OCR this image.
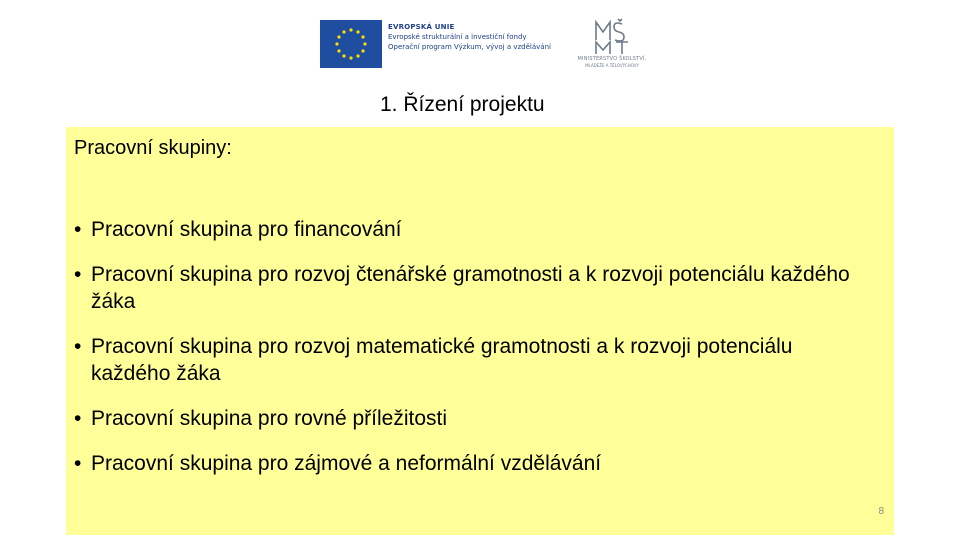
EVROPSKÁ UNIE
Evropské strukturální a investiční fondy
Operační program Výzkum, vývoj a vzdělávání
MINISTERSTVO ŠKOLSTVÍ,
MLÁDEŽE A TĚLOVÝCHOVY
1. Řízení projektu
Pracovní skupiny:
• Pracovní skupina pro financování
• Pracovní skupina pro rozvoj čtenářské gramotnosti a k rozvoji potenciálu každého žáka
• Pracovní skupina pro rozvoj matematické gramotnosti a k rozvoji potenciálu každého žáka
• Pracovní skupina pro rovné příležitosti
• Pracovní skupina pro zájmové a neformální vzdělávání
8
